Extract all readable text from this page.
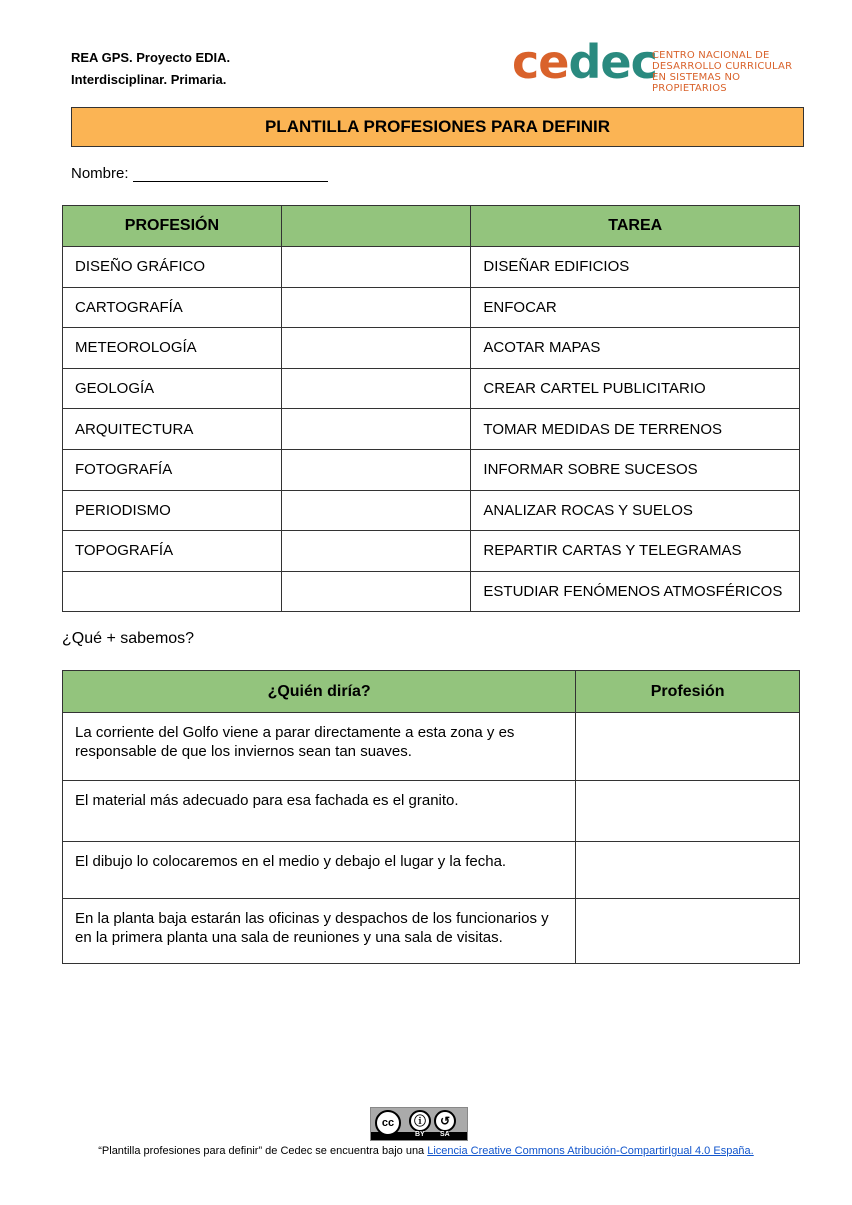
REA GPS. Proyecto EDIA.
Interdisciplinar. Primaria.	cedec
CENTRO NACIONAL DE
DESARROLLO CURRICULAR
EN SISTEMAS NO PROPIETARIOS
PLANTILLA PROFESIONES PARA DEFINIR
Nombre:
PROFESIÓN		TAREA
DISEÑO GRÁFICO		DISEÑAR EDIFICIOS
CARTOGRAFÍA		ENFOCAR
METEOROLOGÍA		ACOTAR MAPAS
GEOLOGÍA		CREAR CARTEL PUBLICITARIO
ARQUITECTURA		TOMAR MEDIDAS DE TERRENOS
FOTOGRAFÍA		INFORMAR SOBRE SUCESOS
PERIODISMO		ANALIZAR ROCAS Y SUELOS
TOPOGRAFÍA		REPARTIR CARTAS Y TELEGRAMAS
		ESTUDIAR FENÓMENOS ATMOSFÉRICOS
¿Qué + sabemos?
¿Quién diría?	Profesión
La corriente del Golfo viene a parar directamente a esta zona y es responsable de que los inviernos sean tan suaves.	
El material más adecuado para esa fachada es el granito.	
El dibujo lo colocaremos en el medio y debajo el lugar y la fecha.	
En la planta baja estarán las oficinas y despachos de los funcionarios y en la primera planta una sala de reuniones y una sala de visitas.	
cc	ⓘ	↺
BY SA
“Plantilla profesiones para definir” de Cedec se encuentra bajo una Licencia Creative Commons Atribución-CompartirIgual 4.0 España.
